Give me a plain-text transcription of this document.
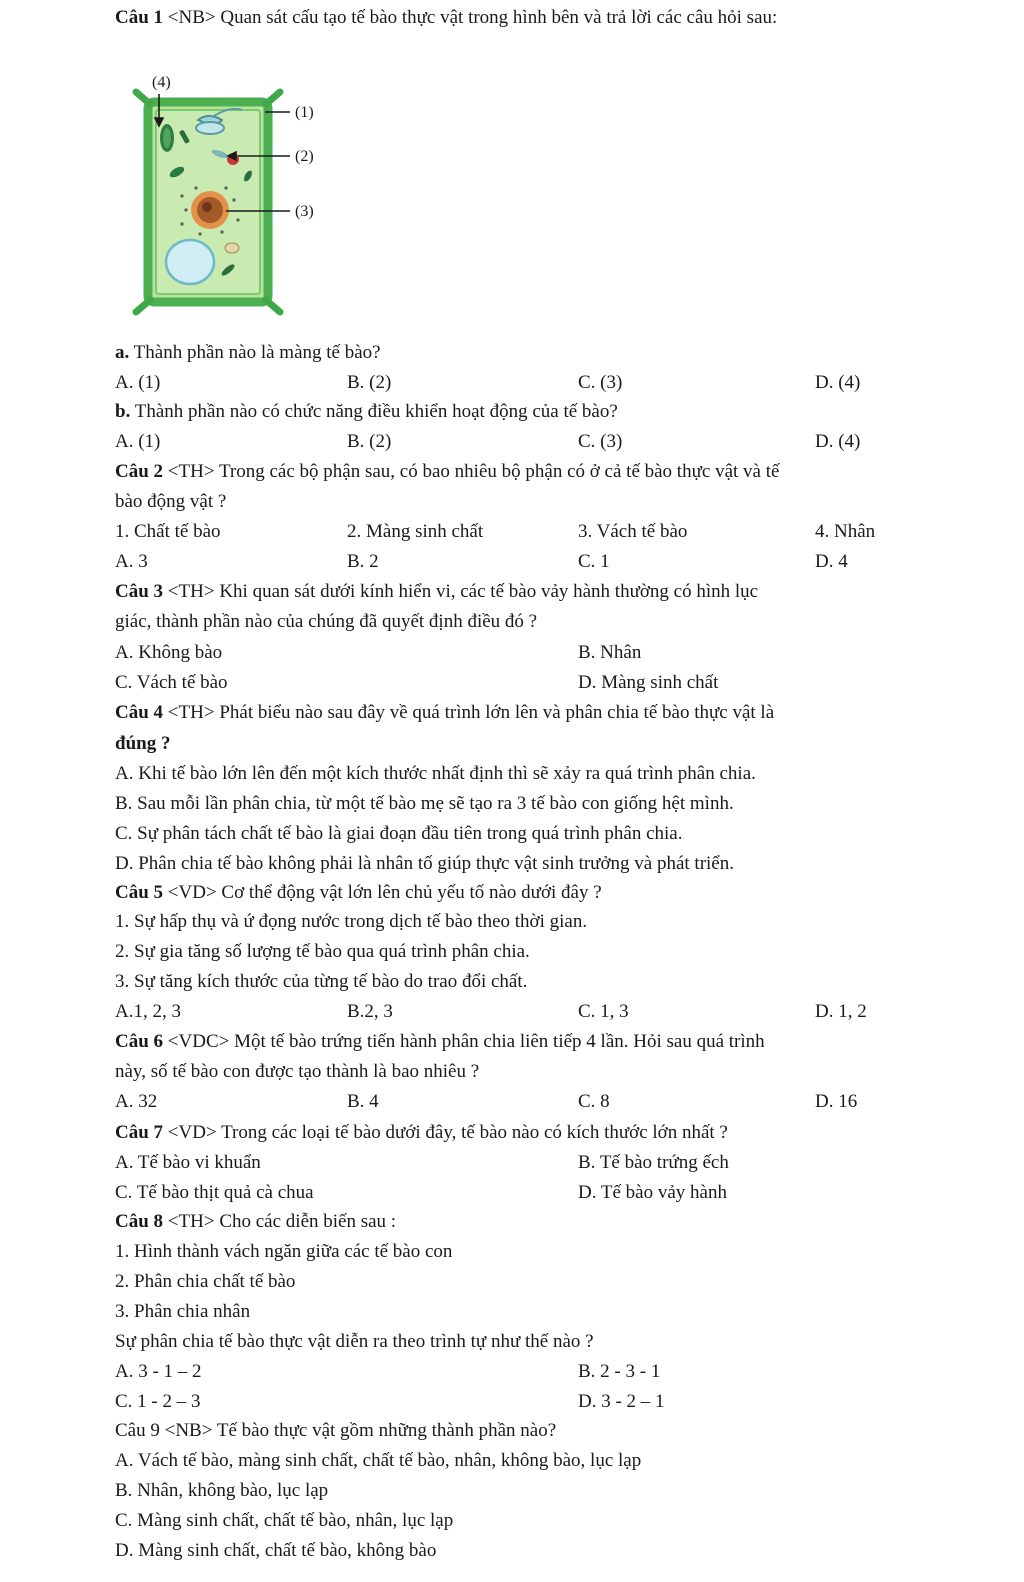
Câu 1 <NB> Quan sát cấu tạo tế bào thực vật trong hình bên và trả lời các câu hỏi sau:
(4)
(1)
(2)
(3)
a. Thành phần nào là màng tế bào?
A. (1)	B. (2)	C. (3)	D. (4)
b. Thành phần nào có chức năng điều khiển hoạt động của tế bào?
A. (1)	B. (2)	C. (3)	D. (4)
Câu 2 <TH> Trong các bộ phận sau, có bao nhiêu bộ phận có ở cả tế bào thực vật và tế
bào động vật ?
1. Chất tế bào	2. Màng sinh chất	3. Vách tế bào	4. Nhân
A. 3	B. 2	C. 1	D. 4
Câu 3 <TH> Khi quan sát dưới kính hiển vi, các tế bào vảy hành thường có hình lục
giác, thành phần nào của chúng đã quyết định điều đó ?
A. Không bào	B. Nhân
C. Vách tế bào	D. Màng sinh chất
Câu 4 <TH> Phát biểu nào sau đây về quá trình lớn lên và phân chia tế bào thực vật là
đúng ?
A. Khi tế bào lớn lên đến một kích thước nhất định thì sẽ xảy ra quá trình phân chia.
B. Sau mỗi lần phân chia, từ một tế bào mẹ sẽ tạo ra 3 tế bào con giống hệt mình.
C. Sự phân tách chất tế bào là giai đoạn đầu tiên trong quá trình phân chia.
D. Phân chia tế bào không phải là nhân tố giúp thực vật sinh trưởng và phát triển.
Câu 5 <VD> Cơ thể động vật lớn lên chủ yếu tố nào dưới đây ?
1. Sự hấp thụ và ứ đọng nước trong dịch tế bào theo thời gian.
2. Sự gia tăng số lượng tế bào qua quá trình phân chia.
3. Sự tăng kích thước của từng tế bào do trao đổi chất.
A.1, 2, 3	B.2, 3	C. 1, 3	D. 1, 2
Câu 6 <VDC> Một tế bào trứng tiến hành phân chia liên tiếp 4 lần. Hỏi sau quá trình
này, số tế bào con được tạo thành là bao nhiêu ?
A. 32	B. 4	C. 8	D. 16
Câu 7 <VD> Trong các loại tế bào dưới đây, tế bào nào có kích thước lớn nhất ?
A. Tế bào vi khuẩn	B. Tế bào trứng ếch
C. Tế bào thịt quả cà chua	D. Tế bào vảy hành
Câu 8 <TH> Cho các diễn biến sau :
1. Hình thành vách ngăn giữa các tế bào con
2. Phân chia chất tế bào
3. Phân chia nhân
Sự phân chia tế bào thực vật diễn ra theo trình tự như thế nào ?
A. 3 - 1 – 2	B. 2 - 3 - 1
C. 1 - 2 – 3	D. 3 - 2 – 1
Câu 9 <NB> Tế bào thực vật gồm những thành phần nào?
A. Vách tế bào, màng sinh chất, chất tế bào, nhân, không bào, lục lạp
B. Nhân, không bào, lục lạp
C. Màng sinh chất, chất tế bào, nhân, lục lạp
D. Màng sinh chất, chất tế bào, không bào
